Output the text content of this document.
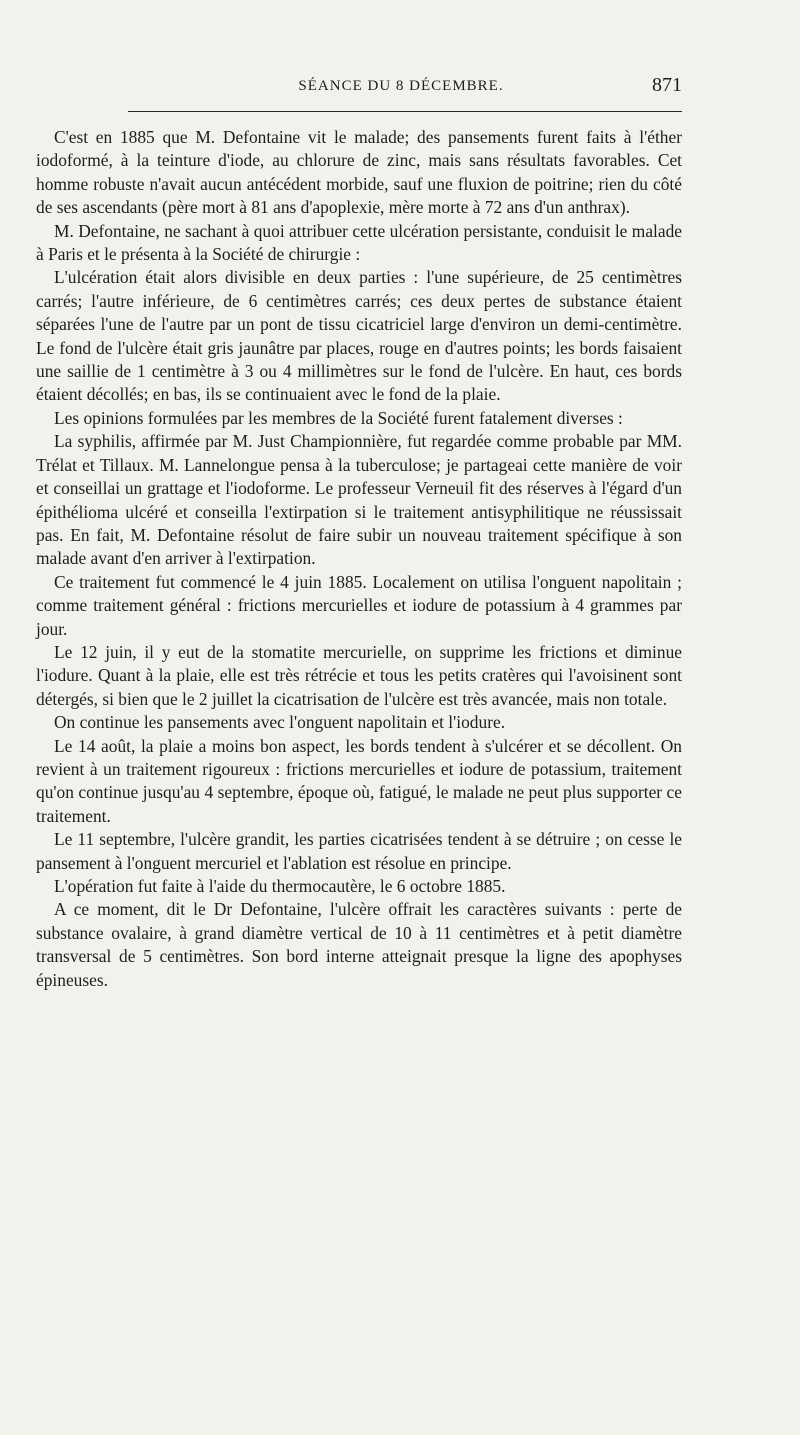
SÉANCE DU 8 DÉCEMBRE.	871

C'est en 1885 que M. Defontaine vit le malade; des pansements furent faits à l'éther iodoformé, à la teinture d'iode, au chlorure de zinc, mais sans résultats favorables. Cet homme robuste n'avait aucun antécédent morbide, sauf une fluxion de poitrine; rien du côté de ses ascendants (père mort à 81 ans d'apoplexie, mère morte à 72 ans d'un anthrax).

M. Defontaine, ne sachant à quoi attribuer cette ulcération persistante, conduisit le malade à Paris et le présenta à la Société de chirurgie :

L'ulcération était alors divisible en deux parties : l'une supérieure, de 25 centimètres carrés; l'autre inférieure, de 6 centimètres carrés; ces deux pertes de substance étaient séparées l'une de l'autre par un pont de tissu cicatriciel large d'environ un demi-centimètre. Le fond de l'ulcère était gris jaunâtre par places, rouge en d'autres points; les bords faisaient une saillie de 1 centimètre à 3 ou 4 millimètres sur le fond de l'ulcère. En haut, ces bords étaient décollés; en bas, ils se continuaient avec le fond de la plaie.

Les opinions formulées par les membres de la Société furent fatalement diverses :

La syphilis, affirmée par M. Just Championnière, fut regardée comme probable par MM. Trélat et Tillaux. M. Lannelongue pensa à la tuberculose; je partageai cette manière de voir et conseillai un grattage et l'iodoforme. Le professeur Verneuil fit des réserves à l'égard d'un épithélioma ulcéré et conseilla l'extirpation si le traitement antisyphilitique ne réussissait pas. En fait, M. Defontaine résolut de faire subir un nouveau traitement spécifique à son malade avant d'en arriver à l'extirpation.

Ce traitement fut commencé le 4 juin 1885. Localement on utilisa l'onguent napolitain ; comme traitement général : frictions mercurielles et iodure de potassium à 4 grammes par jour.

Le 12 juin, il y eut de la stomatite mercurielle, on supprime les frictions et diminue l'iodure. Quant à la plaie, elle est très rétrécie et tous les petits cratères qui l'avoisinent sont détergés, si bien que le 2 juillet la cicatrisation de l'ulcère est très avancée, mais non totale.

On continue les pansements avec l'onguent napolitain et l'iodure.

Le 14 août, la plaie a moins bon aspect, les bords tendent à s'ulcérer et se décollent. On revient à un traitement rigoureux : frictions mercurielles et iodure de potassium, traitement qu'on continue jusqu'au 4 septembre, époque où, fatigué, le malade ne peut plus supporter ce traitement.

Le 11 septembre, l'ulcère grandit, les parties cicatrisées tendent à se détruire ; on cesse le pansement à l'onguent mercuriel et l'ablation est résolue en principe.

L'opération fut faite à l'aide du thermocautère, le 6 octobre 1885.

A ce moment, dit le Dr Defontaine, l'ulcère offrait les caractères suivants : perte de substance ovalaire, à grand diamètre vertical de 10 à 11 centimètres et à petit diamètre transversal de 5 centimètres. Son bord interne atteignait presque la ligne des apophyses épineuses.
